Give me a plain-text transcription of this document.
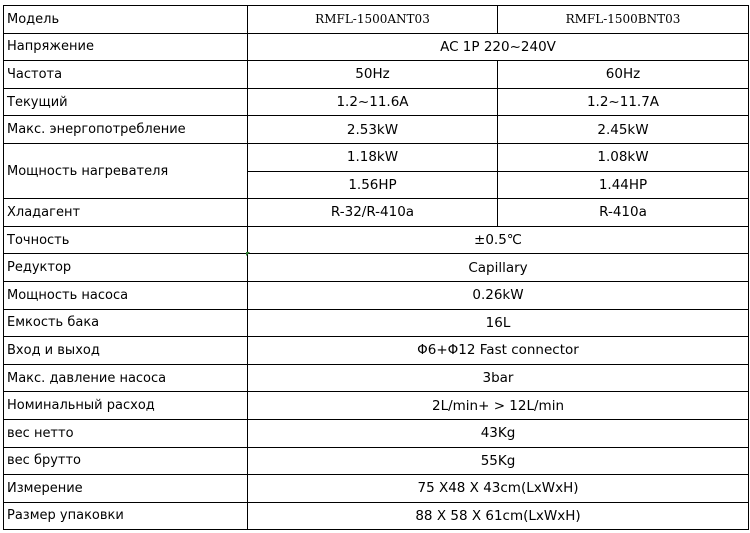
Модель	RMFL-1500ANT03	RMFL-1500BNT03
Напряжение	AC 1P 220~240V	
Частота	50Hz	60Hz
Текущий	1.2~11.6A	1.2~11.7A
Макс. энергопотребление	2.53kW	2.45kW
Мощность нагревателя	1.18kW	1.08kW
	1.56HP	1.44HP
Хладагент	R-32/R-410a	R-410a
Точность	±0.5℃	
Редуктор	Capillary	
Мощность насоса	0.26kW	
Емкость бака	16L	
Вход и выход	Φ6+Φ12 Fast connector	
Макс. давление насоса	3bar	
Номинальный расход	2L/min+ > 12L/min	
вес нетто	43Kg	
вес брутто	55Kg	
Измерение	75 X48 X 43cm(LxWxH)	
Размер упаковки	88 X 58 X 61cm(LxWxH)	
